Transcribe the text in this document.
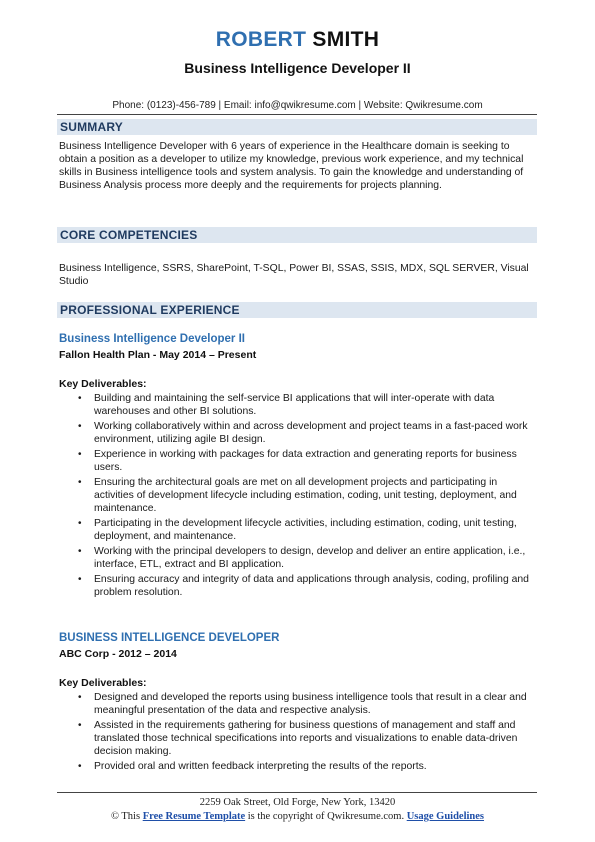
ROBERT SMITH
Business Intelligence Developer II
Phone: (0123)-456-789 | Email: info@qwikresume.com | Website: Qwikresume.com
SUMMARY
Business Intelligence Developer with 6 years of experience in the Healthcare domain is seeking to obtain a position as a developer to utilize my knowledge, previous work experience, and my technical skills in Business intelligence tools and system analysis. To gain the knowledge and understanding of Business Analysis process more deeply and the requirements for projects planning.
CORE COMPETENCIES
Business Intelligence, SSRS, SharePoint, T-SQL, Power BI, SSAS, SSIS, MDX, SQL SERVER, Visual Studio
PROFESSIONAL EXPERIENCE
Business Intelligence Developer II
Fallon Health Plan - May 2014 – Present
Key Deliverables:
• Building and maintaining the self-service BI applications that will inter-operate with data warehouses and other BI solutions.
• Working collaboratively within and across development and project teams in a fast-paced work environment, utilizing agile BI design.
• Experience in working with packages for data extraction and generating reports for business users.
• Ensuring the architectural goals are met on all development projects and participating in activities of development lifecycle including estimation, coding, unit testing, deployment, and maintenance.
• Participating in the development lifecycle activities, including estimation, coding, unit testing, deployment, and maintenance.
• Working with the principal developers to design, develop and deliver an entire application, i.e., interface, ETL, extract and BI application.
• Ensuring accuracy and integrity of data and applications through analysis, coding, profiling and problem resolution.
BUSINESS INTELLIGENCE DEVELOPER
ABC Corp - 2012 – 2014
Key Deliverables:
• Designed and developed the reports using business intelligence tools that result in a clear and meaningful presentation of the data and respective analysis.
• Assisted in the requirements gathering for business questions of management and staff and translated those technical specifications into reports and visualizations to enable data-driven decision making.
• Provided oral and written feedback interpreting the results of the reports.
2259 Oak Street, Old Forge, New York, 13420
© This Free Resume Template is the copyright of Qwikresume.com. Usage Guidelines
